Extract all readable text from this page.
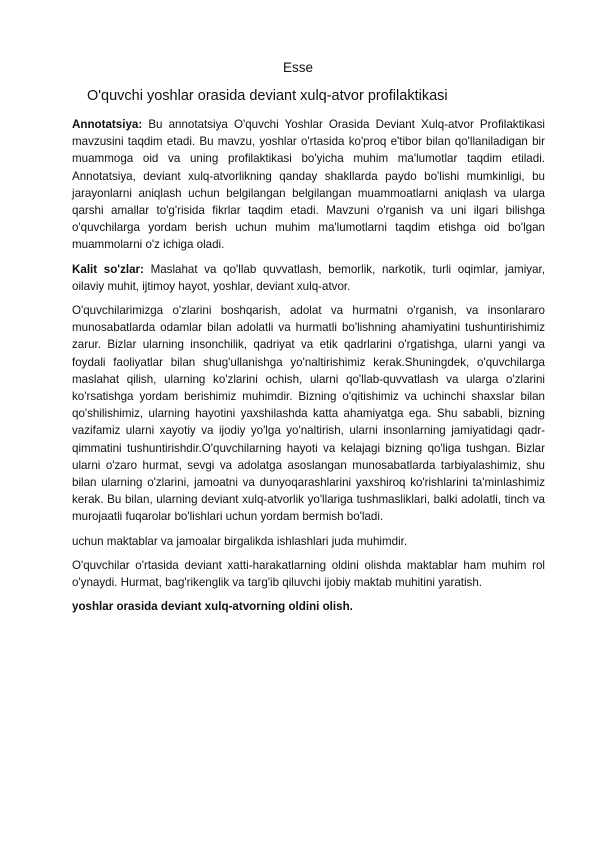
Esse
O'quvchi yoshlar orasida deviant xulq-atvor profilaktikasi

Annotatsiya: Bu annotatsiya O'quvchi Yoshlar Orasida Deviant Xulq-atvor Profilaktikasi mavzusini taqdim etadi. Bu mavzu, yoshlar o'rtasida ko'proq e'tibor bilan qo'llaniladigan bir muammoga oid va uning profilaktikasi bo'yicha muhim ma'lumotlar taqdim etiladi. Annotatsiya, deviant xulq-atvorlikning qanday shakllarda paydo bo'lishi mumkinligi, bu jarayonlarni aniqlash uchun belgilangan belgilangan muammoatlarni aniqlash va ularga qarshi amallar to'g'risida fikrlar taqdim etadi. Mavzuni o'rganish va uni ilgari bilishga o'quvchilarga yordam berish uchun muhim ma'lumotlarni taqdim etishga oid bo'lgan muammolarni o'z ichiga oladi.

Kalit so'zlar: Maslahat va qo'llab quvvatlash, bemorlik, narkotik, turli oqimlar, jamiyar, oilaviy muhit, ijtimoy hayot, yoshlar, deviant xulq-atvor.

O'quvchilarimizga o'zlarini boshqarish, adolat va hurmatni o'rganish, va insonlararo munosabatlarda odamlar bilan adolatli va hurmatli bo'lishning ahamiyatini tushuntirishimiz zarur. Bizlar ularning insonchilik, qadriyat va etik qadrlarini o'rgatishga, ularni yangi va foydali faoliyatlar bilan shug'ullanishga yo'naltirishimiz kerak.Shuningdek, o'quvchilarga maslahat qilish, ularning ko'zlarini ochish, ularni qo'llab-quvvatlash va ularga o'zlarini ko'rsatishga yordam berishimiz muhimdir. Bizning o'qitishimiz va uchinchi shaxslar bilan qo'shilishimiz, ularning hayotini yaxshilashda katta ahamiyatga ega. Shu sababli, bizning vazifamiz ularni xayotiy va ijodiy yo'lga yo'naltirish, ularni insonlarning jamiyatidagi qadr-qimmatini tushuntirishdir.O'quvchilarning hayoti va kelajagi bizning qo'liga tushgan. Bizlar ularni o'zaro hurmat, sevgi va adolatga asoslangan munosabatlarda tarbiyalashimiz, shu bilan ularning o'zlarini, jamoatni va dunyoqarashlarini yaxshiroq ko'rishlarini ta'minlashimiz kerak. Bu bilan, ularning deviant xulq-atvorlik yo'llariga tushmasliklari, balki adolatli, tinch va murojaatli fuqarolar bo'lishlari uchun yordam bermish bo'ladi.

uchun maktablar va jamoalar birgalikda ishlashlari juda muhimdir.

O'quvchilar o'rtasida deviant xatti-harakatlarning oldini olishda maktablar ham muhim rol o'ynaydi. Hurmat, bag'rikenglik va targ'ib qiluvchi ijobiy maktab muhitini yaratish.

yoshlar orasida deviant xulq-atvorning oldini olish.
